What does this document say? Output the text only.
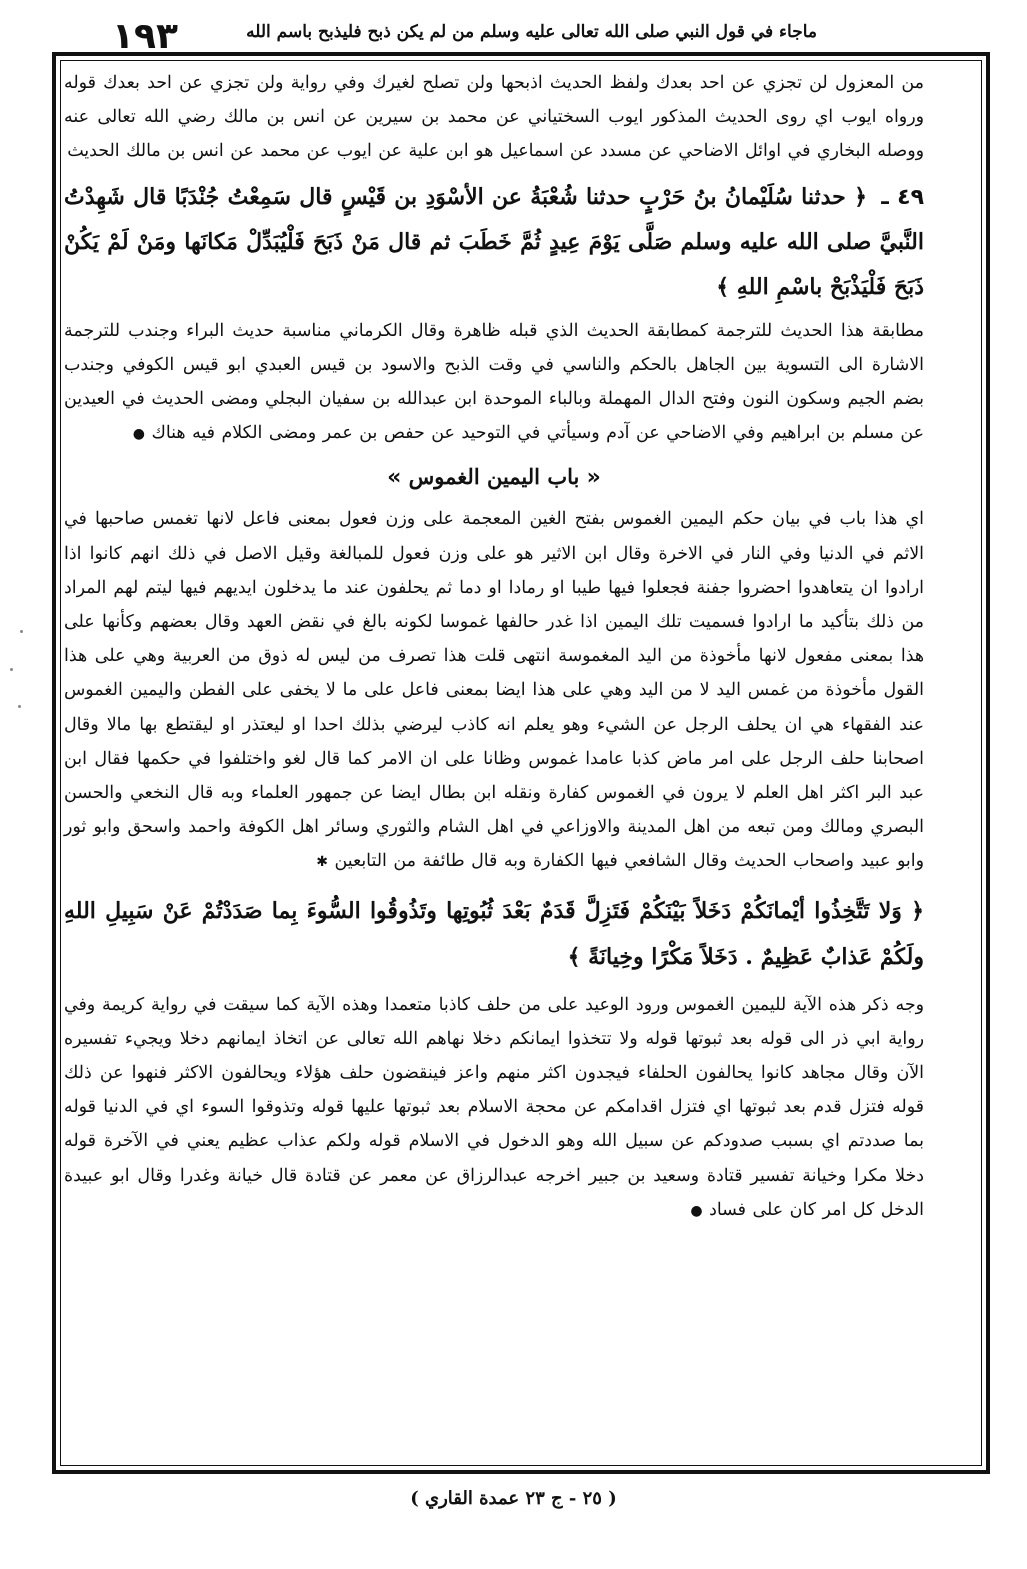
١٩٣	ماجاء في قول النبي صلى الله تعالى عليه وسلم من لم يكن ذبح فليذبح باسم الله

من المعزول لن تجزي عن احد بعدك ولفظ الحديث اذبحها ولن تصلح لغيرك وفي رواية ولن تجزي عن احد بعدك قوله ورواه ايوب اي روى الحديث المذكور ايوب السختياني عن محمد بن سيرين عن انس بن مالك رضي الله تعالى عنه ووصله البخاري في اوائل الاضاحي عن مسدد عن اسماعيل هو ابن علية عن ايوب عن محمد عن انس بن مالك الحديث

٤٩ ـ ﴿ حدثنا سُلَيْمانُ بنُ حَرْبٍ حدثنا شُعْبَةُ عن الأسْوَدِ بن قَيْسٍ قال سَمِعْتُ جُنْدَبًا قال شَهِدْتُ النَّبيَّ صلى الله عليه وسلم صَلَّى يَوْمَ عِيدٍ ثُمَّ خَطَبَ ثم قال مَنْ ذَبَحَ فَلْيُبَدِّلْ مَكانَها ومَنْ لَمْ يَكُنْ ذَبَحَ فَلْيَذْبَحْ باسْمِ اللهِ ﴾

مطابقة هذا الحديث للترجمة كمطابقة الحديث الذي قبله ظاهرة وقال الكرماني مناسبة حديث البراء وجندب للترجمة الاشارة الى التسوية بين الجاهل بالحكم والناسي في وقت الذبح والاسود بن قيس العبدي ابو قيس الكوفي وجندب بضم الجيم وسكون النون وفتح الدال المهملة وبالباء الموحدة ابن عبدالله بن سفيان البجلي ومضى الحديث في العيدين عن مسلم بن ابراهيم وفي الاضاحي عن آدم وسيأتي في التوحيد عن حفص بن عمر ومضى الكلام فيه هناك ●

« باب اليمين الغموس »

اي هذا باب في بيان حكم اليمين الغموس بفتح الغين المعجمة على وزن فعول بمعنى فاعل لانها تغمس صاحبها في الاثم في الدنيا وفي النار في الاخرة وقال ابن الاثير هو على وزن فعول للمبالغة وقيل الاصل في ذلك انهم كانوا اذا ارادوا ان يتعاهدوا احضروا جفنة فجعلوا فيها طيبا او رمادا او دما ثم يحلفون عند ما يدخلون ايديهم فيها ليتم لهم المراد من ذلك بتأكيد ما ارادوا فسميت تلك اليمين اذا غدر حالفها غموسا لكونه بالغ في نقض العهد وقال بعضهم وكأنها على هذا بمعنى مفعول لانها مأخوذة من اليد المغموسة انتهى قلت هذا تصرف من ليس له ذوق من العربية وهي على هذا القول مأخوذة من غمس اليد لا من اليد وهي على هذا ايضا بمعنى فاعل على ما لا يخفى على الفطن واليمين الغموس عند الفقهاء هي ان يحلف الرجل عن الشيء وهو يعلم انه كاذب ليرضي بذلك احدا او ليعتذر او ليقتطع بها مالا وقال اصحابنا حلف الرجل على امر ماض كذبا عامدا غموس وظانا على ان الامر كما قال لغو واختلفوا في حكمها فقال ابن عبد البر اكثر اهل العلم لا يرون في الغموس كفارة ونقله ابن بطال ايضا عن جمهور العلماء وبه قال النخعي والحسن البصري ومالك ومن تبعه من اهل المدينة والاوزاعي في اهل الشام والثوري وسائر اهل الكوفة واحمد واسحق وابو ثور وابو عبيد واصحاب الحديث وقال الشافعي فيها الكفارة وبه قال طائفة من التابعين ✱

﴿ وَلا تَتَّخِذُوا أيْمانَكُمْ دَخَلاً بَيْنَكُمْ فَتَزِلَّ قَدَمٌ بَعْدَ ثُبُوتِها وتَذُوقُوا السُّوءَ بِما صَدَدْتُمْ عَنْ سَبِيلِ اللهِ ولَكُمْ عَذابٌ عَظِيمٌ . دَخَلاً مَكْرًا وخِيانَةً ﴾

وجه ذكر هذه الآية لليمين الغموس ورود الوعيد على من حلف كاذبا متعمدا وهذه الآية كما سيقت في رواية كريمة وفي رواية ابي ذر الى قوله بعد ثبوتها قوله ولا تتخذوا ايمانكم دخلا نهاهم الله تعالى عن اتخاذ ايمانهم دخلا ويجيء تفسيره الآن وقال مجاهد كانوا يحالفون الحلفاء فيجدون اكثر منهم واعز فينقضون حلف هؤلاء ويحالفون الاكثر فنهوا عن ذلك قوله فتزل قدم بعد ثبوتها اي فتزل اقدامكم عن محجة الاسلام بعد ثبوتها عليها قوله وتذوقوا السوء اي في الدنيا قوله بما صددتم اي بسبب صدودكم عن سبيل الله وهو الدخول في الاسلام قوله ولكم عذاب عظيم يعني في الآخرة قوله دخلا مكرا وخيانة تفسير قتادة وسعيد بن جبير اخرجه عبدالرزاق عن معمر عن قتادة قال خيانة وغدرا وقال ابو عبيدة الدخل كل امر كان على فساد ●

( ٢٥ - ج ٢٣ عمدة القاري )
